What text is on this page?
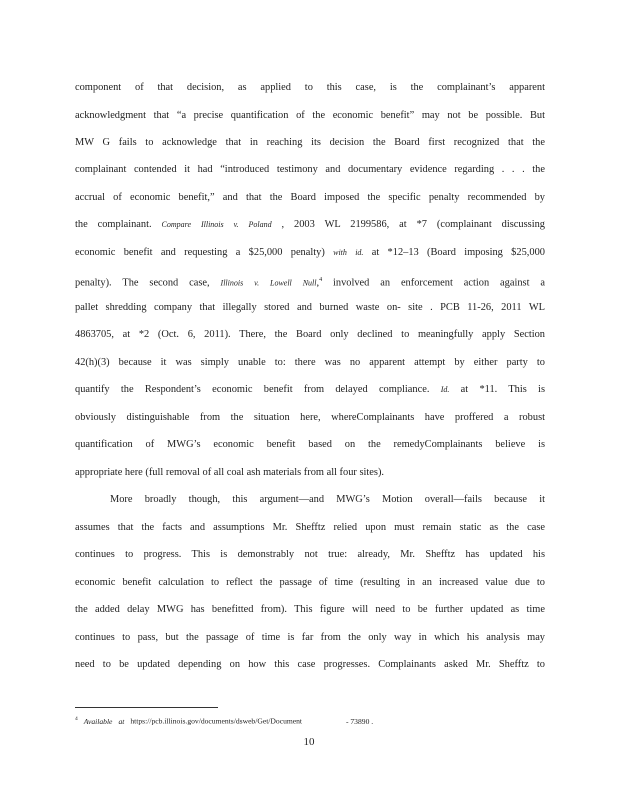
component of that decision, as applied to this case, is the complainant’s apparent
acknowledgment that “a precise quantification of the economic benefit” may not be possible. But
MW G fails to acknowledge that in reaching its decision the Board first recognized that the
complainant contended it had “introduced testimony and documentary evidence regarding . . . the
accrual of economic benefit,” and that the Board imposed the specific penalty recommended by
the complainant. Compare Illinois v. Poland , 2003 WL 2199586, at *7 (complainant discussing
economic benefit and requesting a $25,000 penalty) with id. at *12–13 (Board imposing $25,000
penalty). The second case, Illinois v. Lowell Null,$^4$ involved an enforcement action against a
pallet shredding company that illegally stored and burned waste on- site . PCB 11-26, 2011 WL
4863705, at *2 (Oct. 6, 2011). There, the Board only declined to meaningfully apply Section
42(h)(3) because it was simply unable to: there was no apparent attempt by either party to
quantify the Respondent’s economic benefit from delayed compliance. Id. at *11. This is
obviously distinguishable from the situation here, whereComplainants have proffered a robust
quantification of MWG’s economic benefit based on the remedyComplainants believe is
appropriate here (full removal of all coal ash materials from all four sites).
More broadly though, this argument—and MWG’s Motion overall—fails because it
assumes that the facts and assumptions Mr. Shefftz relied upon must remain static as the case
continues to progress. This is demonstrably not true: already, Mr. Shefftz has updated his
economic benefit calculation to reflect the passage of time (resulting in an increased value due to
the added delay MWG has benefitted from). This figure will need to be further updated as time
continues to pass, but the passage of time is far from the only way in which his analysis may
need to be updated depending on how this case progresses. Complainants asked Mr. Shefftz to
$^4$ Available at https://pcb.illinois.gov/documents/dsweb/Get/Document	- 73890 .
10
